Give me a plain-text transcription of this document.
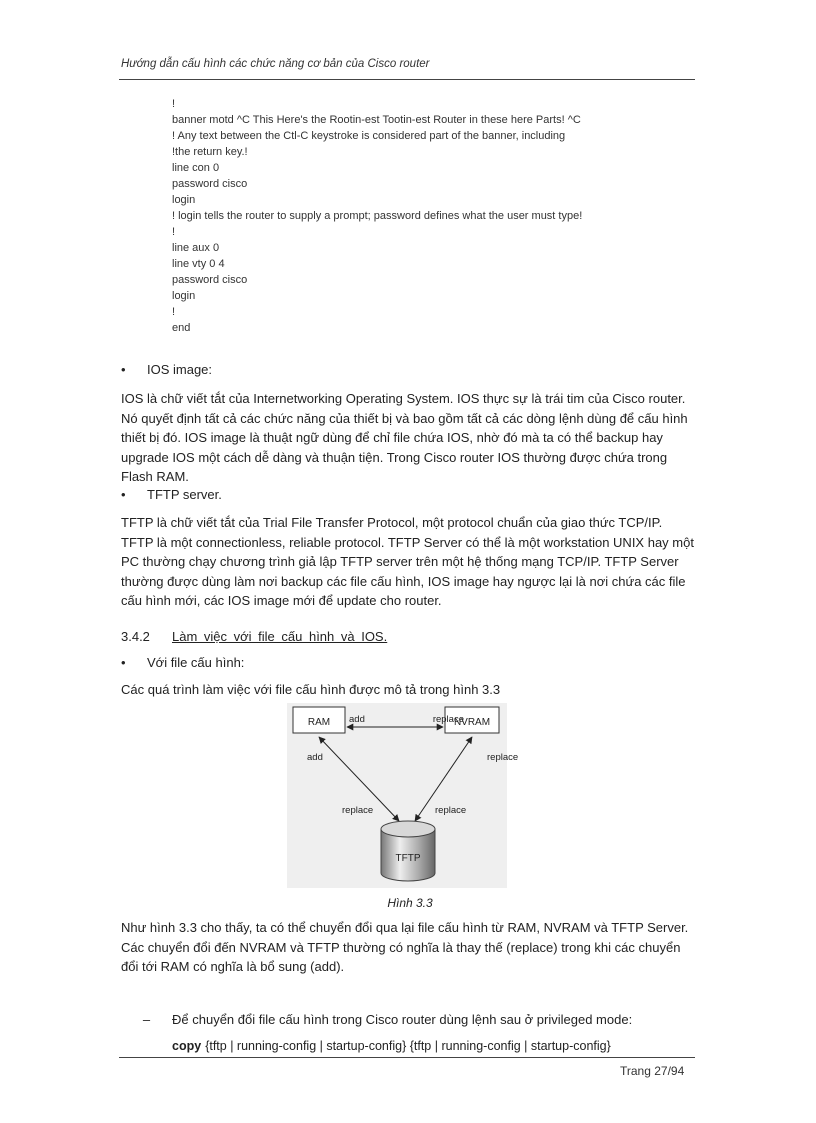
Hướng dẫn cấu hình các chức năng cơ bản của Cisco router
!
banner motd ^C This Here's the Rootin-est Tootin-est Router in these here Parts! ^C
! Any text between the Ctl-C keystroke is considered part of the banner, including
!the return key.!
line con 0
password cisco
login
! login tells the router to supply a prompt; password defines what the user must type!
!
line aux 0
line vty 0 4
password cisco
login
!
end
• IOS image:
IOS là chữ viết tắt của Internetworking Operating System. IOS thực sự là trái tim của Cisco router. Nó quyết định tất cả các chức năng của thiết bị và bao gồm tất cả các dòng lệnh dùng để cấu hình thiết bị đó. IOS image là thuật ngữ dùng để chỉ file chứa IOS, nhờ đó mà ta có thể backup hay upgrade IOS một cách dễ dàng và thuận tiện. Trong Cisco router IOS thường được chứa trong Flash RAM.
• TFTP server.
TFTP là chữ viết tắt của Trial File Transfer Protocol, một protocol chuẩn của giao thức TCP/IP. TFTP là một connectionless, reliable protocol. TFTP Server có thể là một workstation UNIX hay một PC thường chạy chương trình giả lập TFTP server trên một hệ thống mạng TCP/IP. TFTP Server thường được dùng làm nơi backup các file cấu hình, IOS image hay ngược lại là nơi chứa các file cấu hình mới, các IOS image mới để update cho router.
3.4.2 Làm việc với file cấu hình và IOS.
• Với file cấu hình:
Các quá trình làm việc với file cấu hình được mô tả trong hình 3.3
RAM	NVRAM
add	replace
add	replace
replace	replace
TFTP
Hình 3.3
Như hình 3.3 cho thấy, ta có thể chuyển đổi qua lại file cấu hình từ RAM, NVRAM và TFTP Server. Các chuyển đổi đến NVRAM và TFTP thường có nghĩa là thay thế (replace) trong khi các chuyển đổi tới RAM có nghĩa là bổ sung (add).
– Để chuyển đổi file cấu hình trong Cisco router dùng lệnh sau ở privileged mode:
copy {tftp | running-config | startup-config} {tftp | running-config | startup-config}
Trang 27/94
